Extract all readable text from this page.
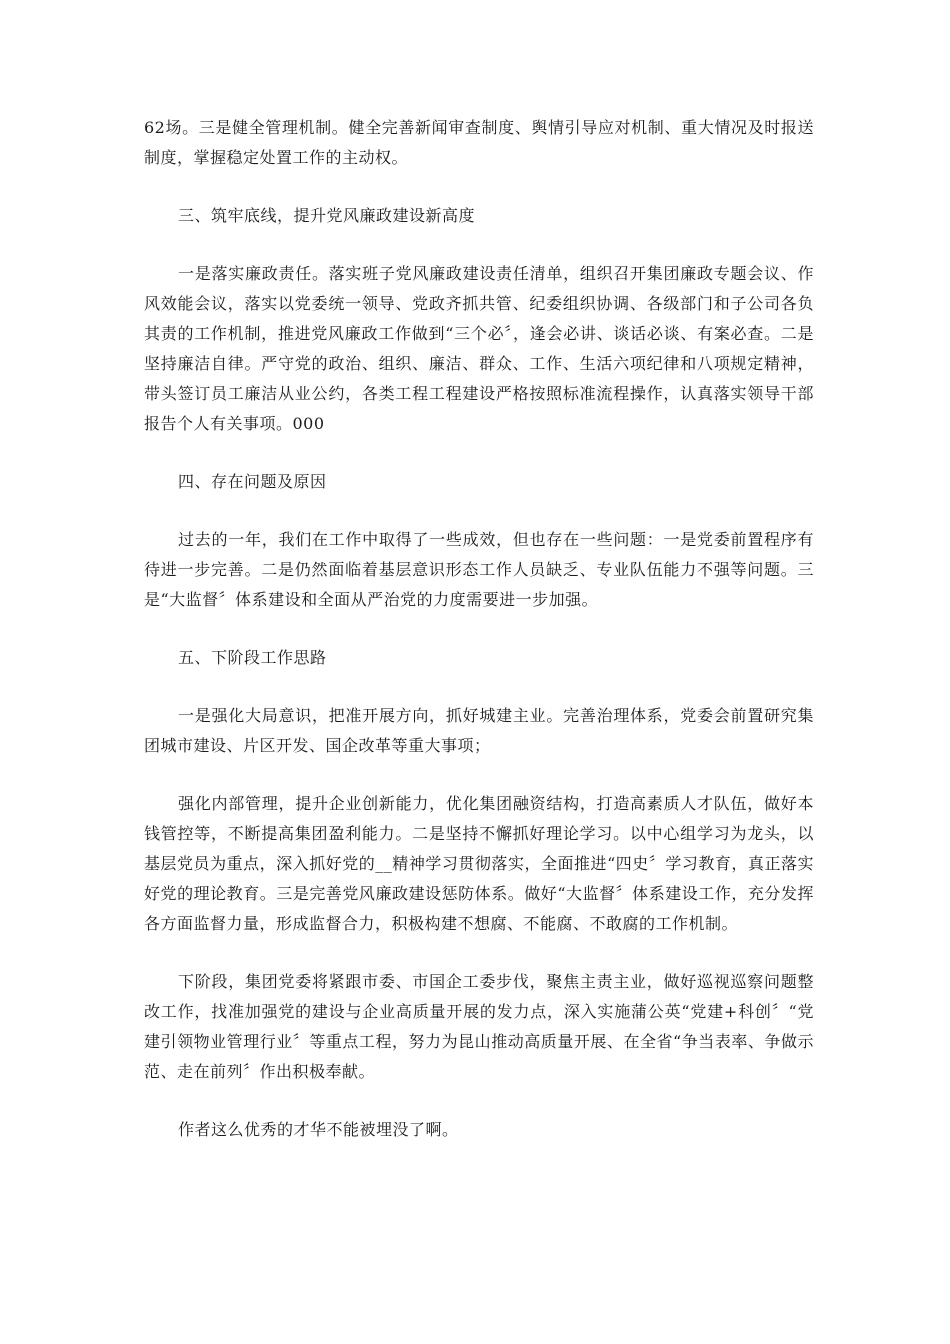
62场。三是健全管理机制。健全完善新闻审查制度、舆情引导应对机制、重大情况及时报送制度，掌握稳定处置工作的主动权。

三、筑牢底线，提升党风廉政建设新高度

一是落实廉政责任。落实班子党风廉政建设责任清单，组织召开集团廉政专题会议、作风效能会议，落实以党委统一领导、党政齐抓共管、纪委组织协调、各级部门和子公司各负其责的工作机制，推进党风廉政工作做到“三个必〞，逢会必讲、谈话必谈、有案必查。二是坚持廉洁自律。严守党的政治、组织、廉洁、群众、工作、生活六项纪律和八项规定精神，带头签订员工廉洁从业公约，各类工程工程建设严格按照标准流程操作，认真落实领导干部报告个人有关事项。000

四、存在问题及原因

过去的一年，我们在工作中取得了一些成效，但也存在一些问题：一是党委前置程序有待进一步完善。二是仍然面临着基层意识形态工作人员缺乏、专业队伍能力不强等问题。三是“大监督〞体系建设和全面从严治党的力度需要进一步加强。

五、下阶段工作思路

一是强化大局意识，把准开展方向，抓好城建主业。完善治理体系，党委会前置研究集团城市建设、片区开发、国企改革等重大事项；

强化内部管理，提升企业创新能力，优化集团融资结构，打造高素质人才队伍，做好本钱管控等，不断提高集团盈利能力。二是坚持不懈抓好理论学习。以中心组学习为龙头，以基层党员为重点，深入抓好党的__精神学习贯彻落实，全面推进“四史〞学习教育，真正落实好党的理论教育。三是完善党风廉政建设惩防体系。做好“大监督〞体系建设工作，充分发挥各方面监督力量，形成监督合力，积极构建不想腐、不能腐、不敢腐的工作机制。

下阶段，集团党委将紧跟市委、市国企工委步伐，聚焦主责主业，做好巡视巡察问题整改工作，找准加强党的建设与企业高质量开展的发力点，深入实施蒲公英“党建+科创〞“党建引领物业管理行业〞等重点工程，努力为昆山推动高质量开展、在全省“争当表率、争做示范、走在前列〞作出积极奉献。

作者这么优秀的才华不能被埋没了啊。
